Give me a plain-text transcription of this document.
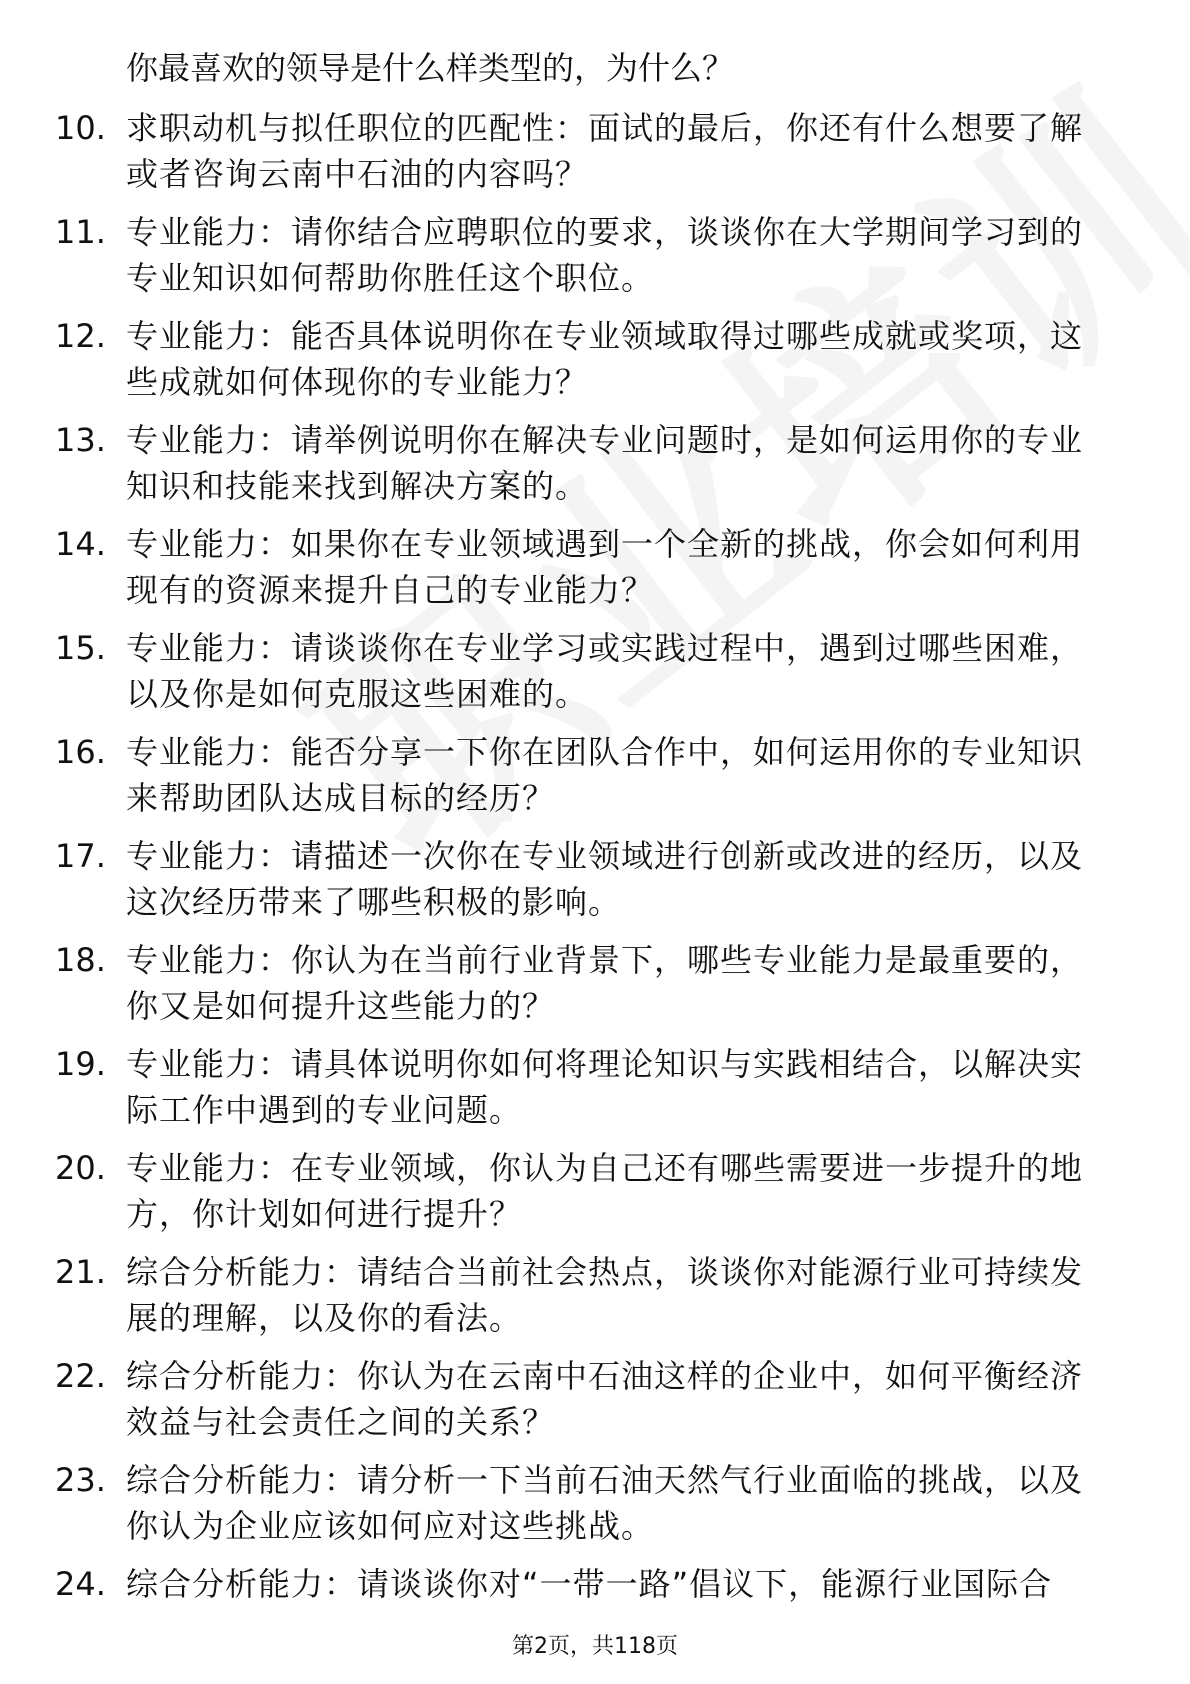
你最喜欢的领导是什么样类型的，为什么？
10. 求职动机与拟任职位的匹配性：面试的最后，你还有什么想要了解或者咨询云南中石油的内容吗？
11. 专业能力：请你结合应聘职位的要求，谈谈你在大学期间学习到的专业知识如何帮助你胜任这个职位。
12. 专业能力：能否具体说明你在专业领域取得过哪些成就或奖项，这些成就如何体现你的专业能力？
13. 专业能力：请举例说明你在解决专业问题时，是如何运用你的专业知识和技能来找到解决方案的。
14. 专业能力：如果你在专业领域遇到一个全新的挑战，你会如何利用现有的资源来提升自己的专业能力？
15. 专业能力：请谈谈你在专业学习或实践过程中，遇到过哪些困难，以及你是如何克服这些困难的。
16. 专业能力：能否分享一下你在团队合作中，如何运用你的专业知识来帮助团队达成目标的经历？
17. 专业能力：请描述一次你在专业领域进行创新或改进的经历，以及这次经历带来了哪些积极的影响。
18. 专业能力：你认为在当前行业背景下，哪些专业能力是最重要的，你又是如何提升这些能力的？
19. 专业能力：请具体说明你如何将理论知识与实践相结合，以解决实际工作中遇到的专业问题。
20. 专业能力：在专业领域，你认为自己还有哪些需要进一步提升的地方，你计划如何进行提升？
21. 综合分析能力：请结合当前社会热点，谈谈你对能源行业可持续发展的理解，以及你的看法。
22. 综合分析能力：你认为在云南中石油这样的企业中，如何平衡经济效益与社会责任之间的关系？
23. 综合分析能力：请分析一下当前石油天然气行业面临的挑战，以及你认为企业应该如何应对这些挑战。
24. 综合分析能力：请谈谈你对“一带一路”倡议下，能源行业国际合
第2页，共118页
